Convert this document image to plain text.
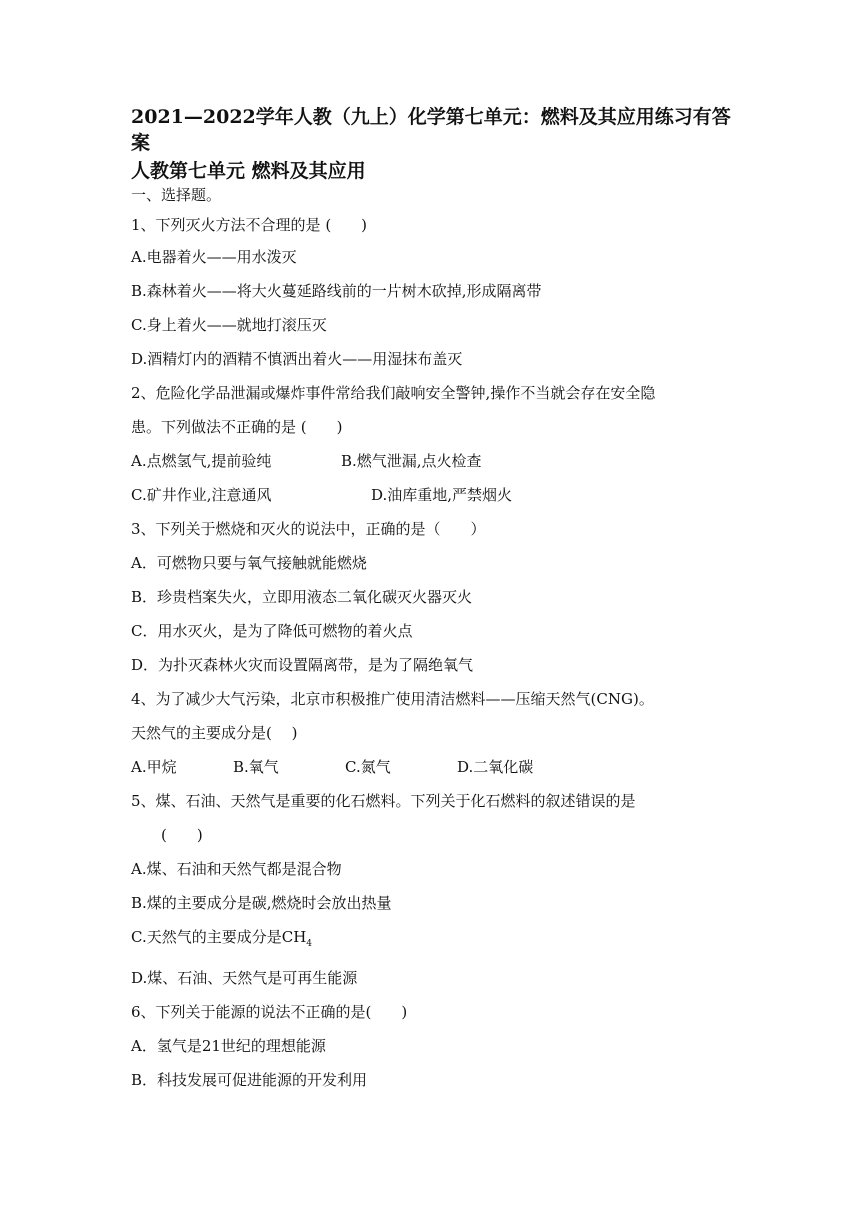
2021—2022学年人教（九上）化学第七单元：燃料及其应用练习有答案
人教第七单元 燃料及其应用
一、选择题。
1、下列灭火方法不合理的是 (　　)
A.电器着火——用水泼灭
B.森林着火——将大火蔓延路线前的一片树木砍掉,形成隔离带
C.身上着火——就地打滚压灭
D.酒精灯内的酒精不慎洒出着火——用湿抹布盖灭
2、危险化学品泄漏或爆炸事件常给我们敲响安全警钟,操作不当就会存在安全隐
患。下列做法不正确的是 (　　)
A.点燃氢气,提前验纯	B.燃气泄漏,点火检查
C.矿井作业,注意通风	D.油库重地,严禁烟火
3、下列关于燃烧和灭火的说法中，正确的是（　　）
A．可燃物只要与氧气接触就能燃烧
B．珍贵档案失火，立即用液态二氧化碳灭火器灭火
C．用水灭火，是为了降低可燃物的着火点
D．为扑灭森林火灾而设置隔离带，是为了隔绝氧气
4、为了减少大气污染，北京市积极推广使用清洁燃料——压缩天然气(CNG)。
天然气的主要成分是(　 )
A.甲烷	B.氧气	C.氮气	D.二氧化碳
5、煤、石油、天然气是重要的化石燃料。下列关于化石燃料的叙述错误的是
(　　)
A.煤、石油和天然气都是混合物
B.煤的主要成分是碳,燃烧时会放出热量
C.天然气的主要成分是$CH_4$
D.煤、石油、天然气是可再生能源
6、下列关于能源的说法不正确的是(　　)
A．氢气是21世纪的理想能源
B．科技发展可促进能源的开发利用
